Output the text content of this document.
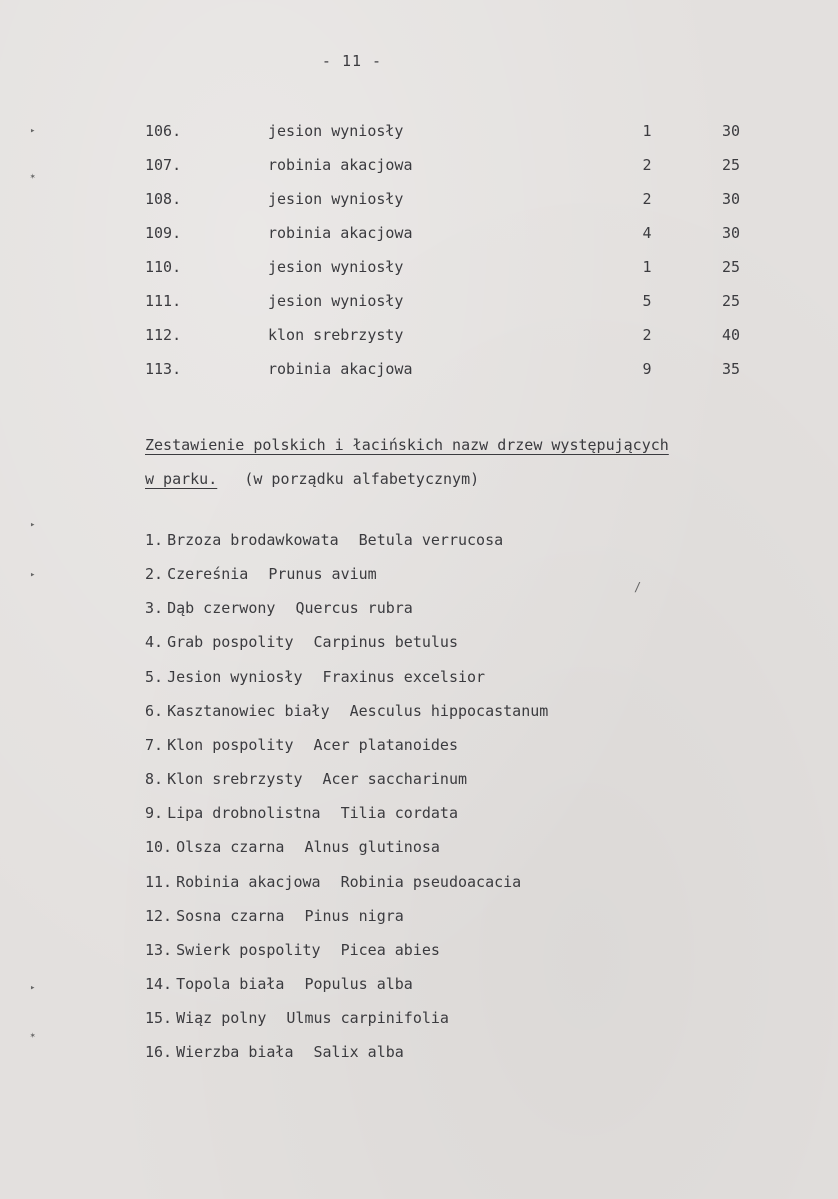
- 11 -
106.	jesion wyniosły	1	30
107.	robinia akacjowa	2	25
108.	jesion wyniosły	2	30
109.	robinia akacjowa	4	30
110.	jesion wyniosły	1	25
111.	jesion wyniosły	5	25
112.	klon srebrzysty	2	40
113.	robinia akacjowa	9	35
Zestawienie polskich i łacińskich nazw drzew występujących
w parku. (w porządku alfabetycznym)
1. Brzoza brodawkowata Betula verrucosa
2. Czereśnia Prunus avium
3. Dąb czerwony Quercus rubra
4. Grab pospolity Carpinus betulus
5. Jesion wyniosły Fraxinus excelsior
6. Kasztanowiec biały Aesculus hippocastanum
7. Klon pospolity Acer platanoides
8. Klon srebrzysty Acer saccharinum
9. Lipa drobnolistna Tilia cordata
10. Olsza czarna Alnus glutinosa
11. Robinia akacjowa Robinia pseudoacacia
12. Sosna czarna Pinus nigra
13. Swierk pospolity Picea abies
14. Topola biała Populus alba
15. Wiąz polny Ulmus carpinifolia
16. Wierzba biała Salix alba
▸
✶
▸
▸
▸
✶
/
